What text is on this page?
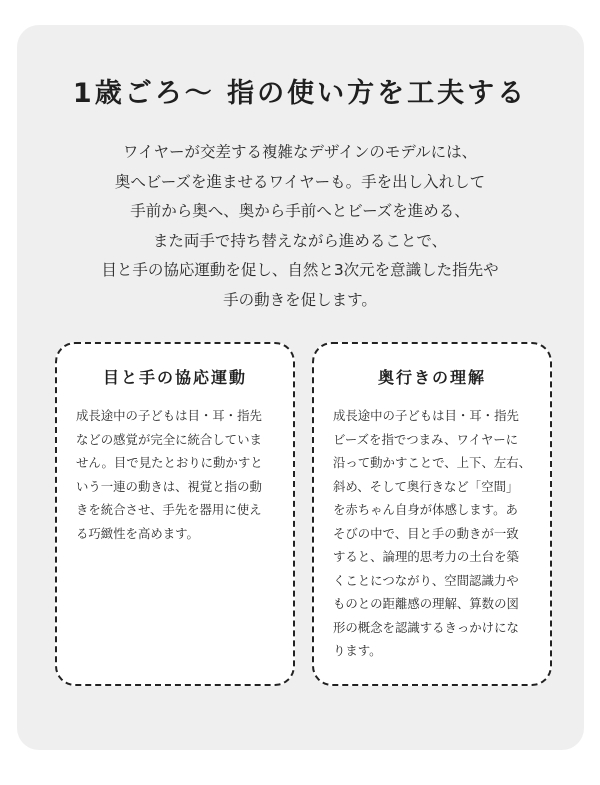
1歳ごろ～ 指の使い方を工夫する
ワイヤーが交差する複雑なデザインのモデルには、
奥へビーズを進ませるワイヤーも。手を出し入れして
手前から奥へ、奥から手前へとビーズを進める、
また両手で持ち替えながら進めることで、
目と手の協応運動を促し、自然と3次元を意識した指先や
手の動きを促します。
目と手の協応運動
成長途中の子どもは目・耳・指先
などの感覚が完全に統合していま
せん。目で見たとおりに動かすと
いう一連の動きは、視覚と指の動
きを統合させ、手先を器用に使え
る巧緻性を高めます。
奥行きの理解
成長途中の子どもは目・耳・指先
ビーズを指でつまみ、ワイヤーに
沿って動かすことで、上下、左右、
斜め、そして奥行きなど「空間」
を赤ちゃん自身が体感します。あ
そびの中で、目と手の動きが一致
すると、論理的思考力の土台を築
くことにつながり、空間認識力や
ものとの距離感の理解、算数の図
形の概念を認識するきっかけにな
ります。
